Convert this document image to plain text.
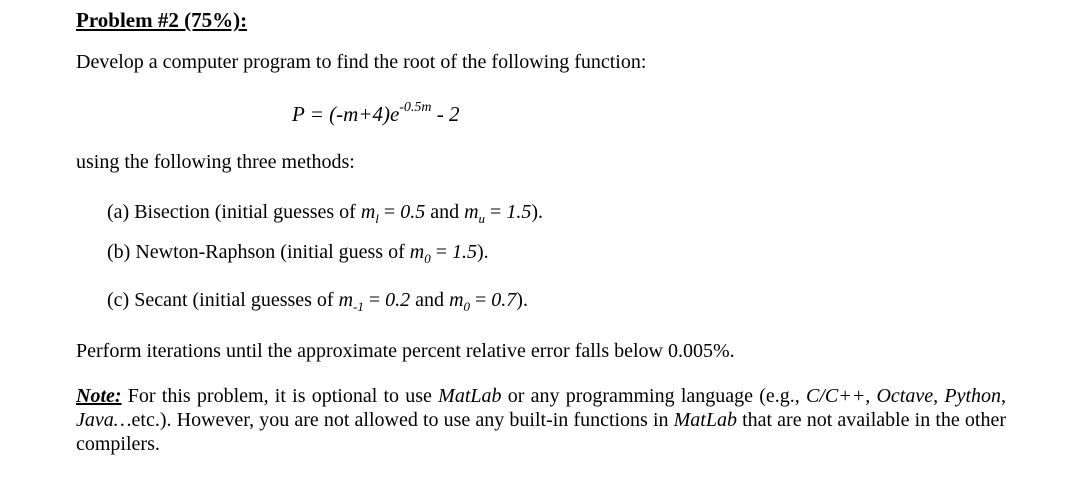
Problem #2 (75%):
Develop a computer program to find the root of the following function:
$P = (-m+4)e^{-0.5m} - 2$
using the following three methods:
(a) Bisection (initial guesses of $m_l = 0.5$ and $m_u = 1.5$).
(b) Newton-Raphson (initial guess of $m_0 = 1.5$).
(c) Secant (initial guesses of $m_{-1} = 0.2$ and $m_0 = 0.7$).
Perform iterations until the approximate percent relative error falls below 0.005%.
Note: For this problem, it is optional to use MatLab or any programming language (e.g., C/C++, Octave, Python, Java…etc.). However, you are not allowed to use any built-in functions in MatLab that are not available in the other compilers.
